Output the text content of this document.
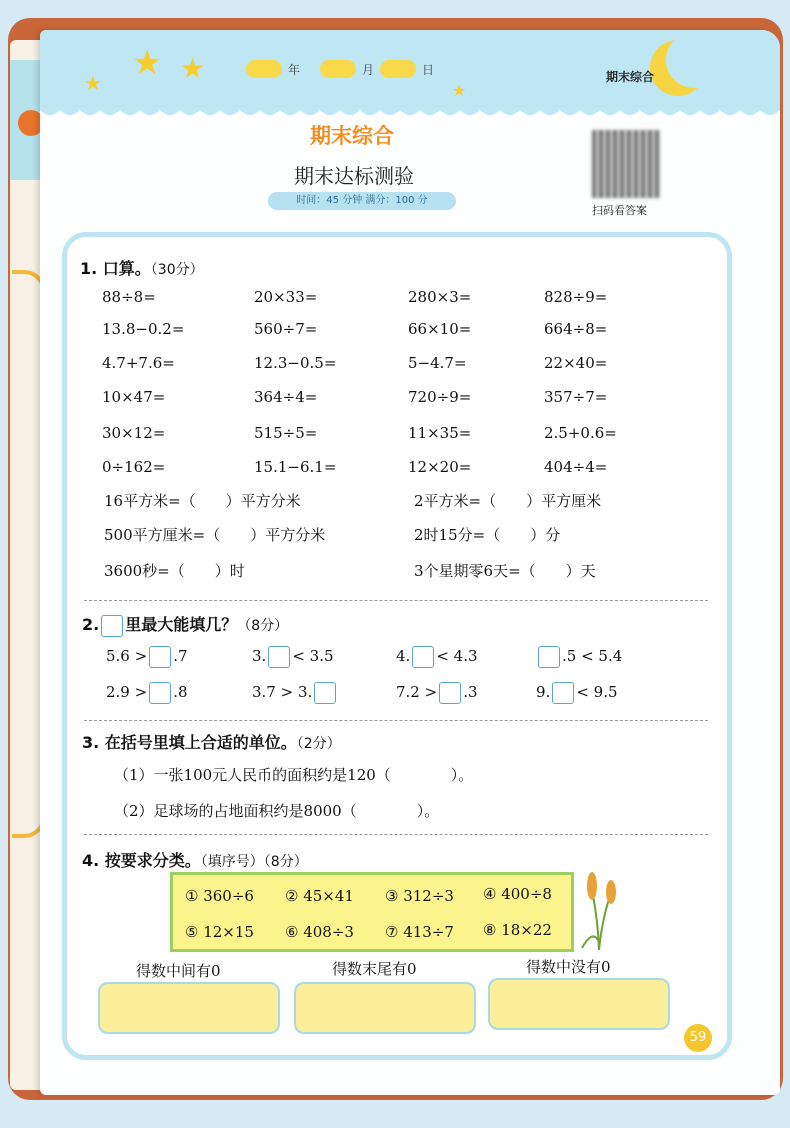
★ ★
★	★
年	月	日
期末综合
期末综合
期末达标测验
时间：45 分钟 满分：100 分
扫码看答案
1. 口算。（30分）
88÷8=	20×33=	280×3=	828÷9=
13.8−0.2=	560÷7=	66×10=	664÷8=
4.7+7.6=	12.3−0.5=	5−4.7=	22×40=
10×47=	364÷4=	720÷9=	357÷7=
30×12=	515÷5=	11×35=	2.5+0.6=
0÷162=	15.1−6.1=	12×20=	404÷4=
16平方米=（　　）平方分米	2平方米=（　　）平方厘米
500平方厘米=（　　）平方分米	2时15分=（　　）分
3600秒=（　　）时	3个星期零6天=（　　）天
2. 里最大能填几？（8分）
5.6 > .7	3. < 3.5	4. < 4.3	.5 < 5.4
2.9 > .8	3.7 > 3.	7.2 > .3	9. < 9.5
3. 在括号里填上合适的单位。（2分）
（1）一张100元人民币的面积约是120（　　　　）。
（2）足球场的占地面积约是8000（　　　　）。
4. 按要求分类。（填序号）（8分）
① 360÷6 ② 45×41 ③ 312÷3 ④ 400÷8
⑤ 12×15 ⑥ 408÷3 ⑦ 413÷7 ⑧ 18×22
得数中间有0	得数末尾有0	得数中没有0
59
